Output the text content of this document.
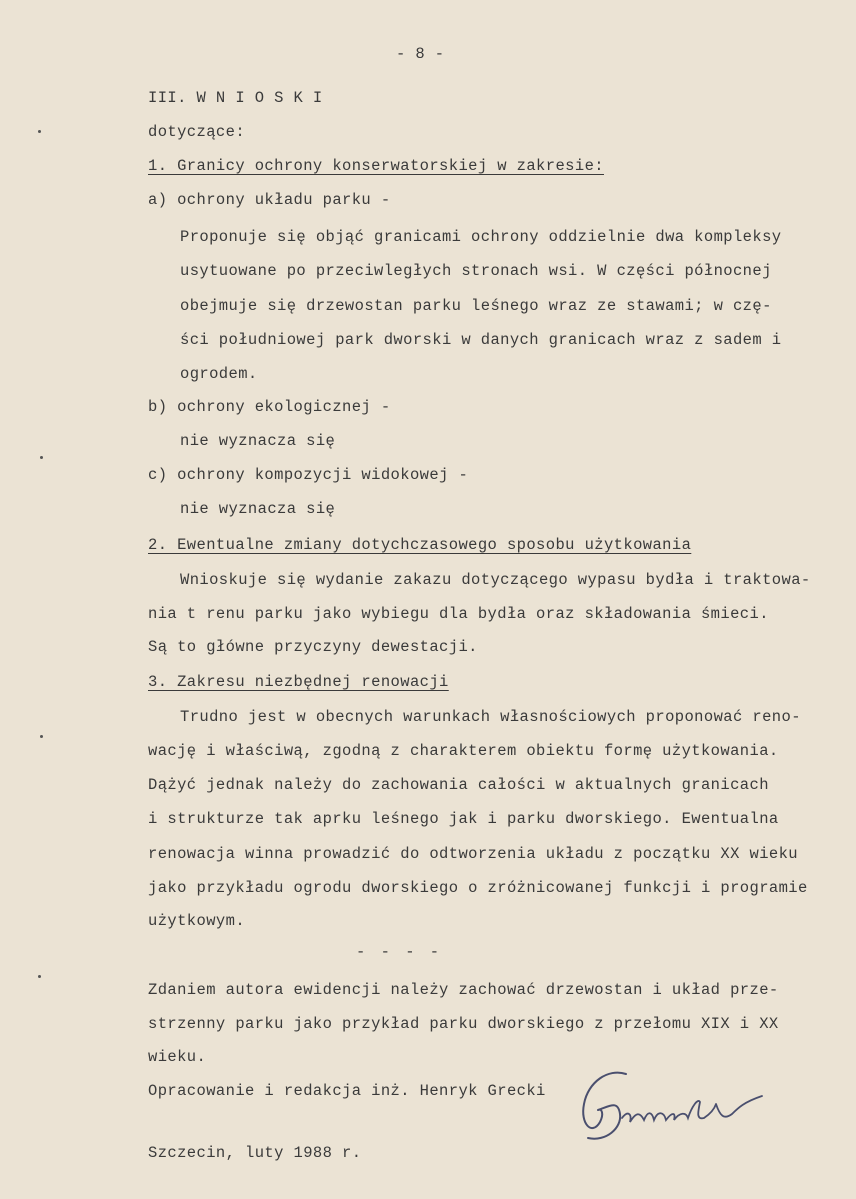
- 8 -
III. W N I O S K I
dotyczące:
1. Granicy ochrony konserwatorskiej w zakresie:
a) ochrony układu parku -
Proponuje się objąć granicami ochrony oddzielnie dwa kompleksy
usytuowane po przeciwległych stronach wsi. W części północnej
obejmuje się drzewostan parku leśnego wraz ze stawami; w czę-
ści południowej park dworski w danych granicach wraz z sadem i
ogrodem.
b) ochrony ekologicznej -
nie wyznacza się
c) ochrony kompozycji widokowej -
nie wyznacza się
2. Ewentualne zmiany dotychczasowego sposobu użytkowania
Wnioskuje się wydanie zakazu dotyczącego wypasu bydła i traktowa-
nia t renu parku jako wybiegu dla bydła oraz składowania śmieci.
Są to główne przyczyny dewestacji.
3. Zakresu niezbędnej renowacji
Trudno jest w obecnych warunkach własnościowych proponować reno-
wację i właściwą, zgodną z charakterem obiektu formę użytkowania.
Dążyć jednak należy do zachowania całości w aktualnych granicach
i strukturze tak aprku leśnego jak i parku dworskiego. Ewentualna
renowacja winna prowadzić do odtworzenia układu z początku XX wieku
jako przykładu ogrodu dworskiego o zróżnicowanej funkcji i programie
użytkowym.
- - - -
Zdaniem autora ewidencji należy zachować drzewostan i układ prze-
strzenny parku jako przykład parku dworskiego z przełomu XIX i XX
wieku.
Opracowanie i redakcja inż. Henryk Grecki
Szczecin, luty 1988 r.
